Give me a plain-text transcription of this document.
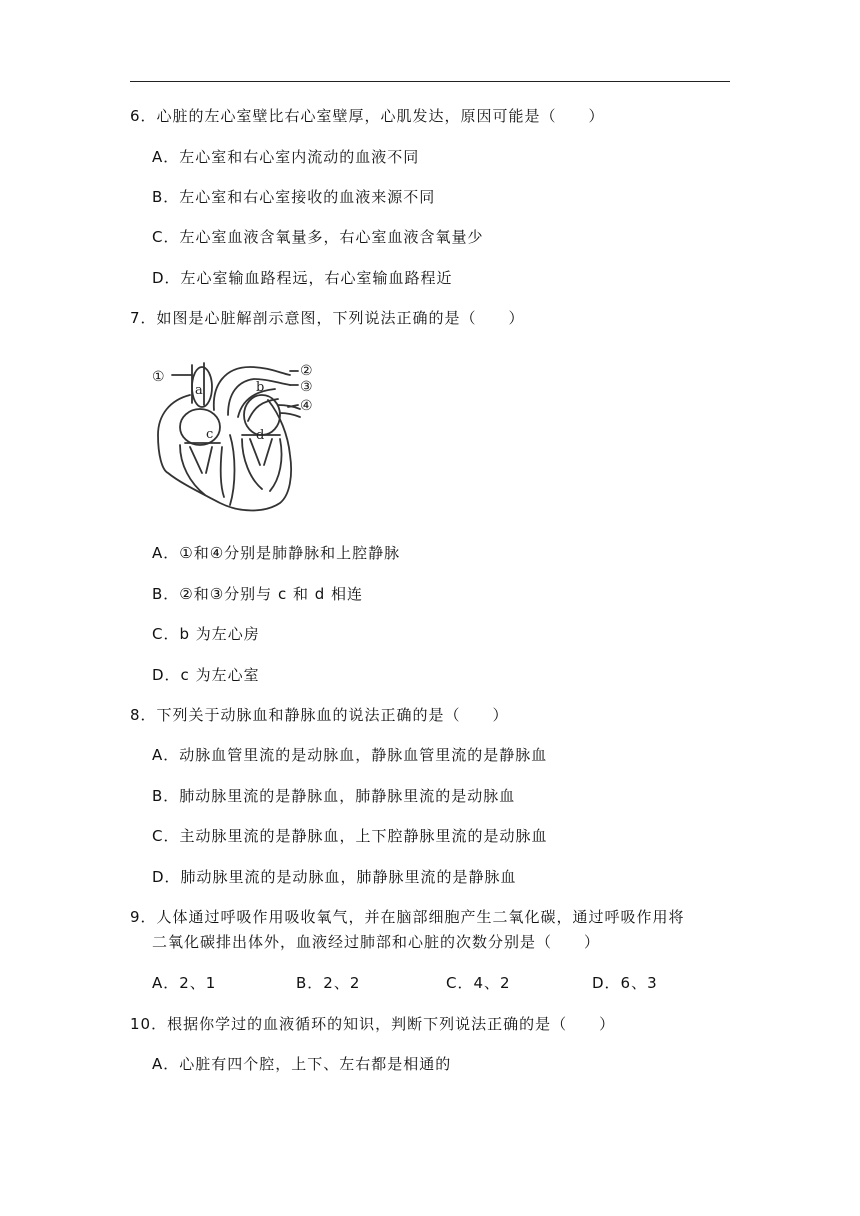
6．心脏的左心室壁比右心室壁厚，心肌发达，原因可能是（　　）
A．左心室和右心室内流动的血液不同
B．左心室和右心室接收的血液来源不同
C．左心室血液含氧量多，右心室血液含氧量少
D．左心室输血路程远，右心室输血路程近
7．如图是心脏解剖示意图，下列说法正确的是（　　）
①	②
③
④
a	b
c	d
A．①和④分别是肺静脉和上腔静脉
B．②和③分别与 c 和 d 相连
C．b 为左心房
D．c 为左心室
8．下列关于动脉血和静脉血的说法正确的是（　　）
A．动脉血管里流的是动脉血，静脉血管里流的是静脉血
B．肺动脉里流的是静脉血，肺静脉里流的是动脉血
C．主动脉里流的是静脉血，上下腔静脉里流的是动脉血
D．肺动脉里流的是动脉血，肺静脉里流的是静脉血
9．人体通过呼吸作用吸收氧气，并在脑部细胞产生二氧化碳，通过呼吸作用将
二氧化碳排出体外，血液经过肺部和心脏的次数分别是（　　）
A．2、1	B．2、2	C．4、2	D．6、3
10．根据你学过的血液循环的知识，判断下列说法正确的是（　　）
A．心脏有四个腔，上下、左右都是相通的
